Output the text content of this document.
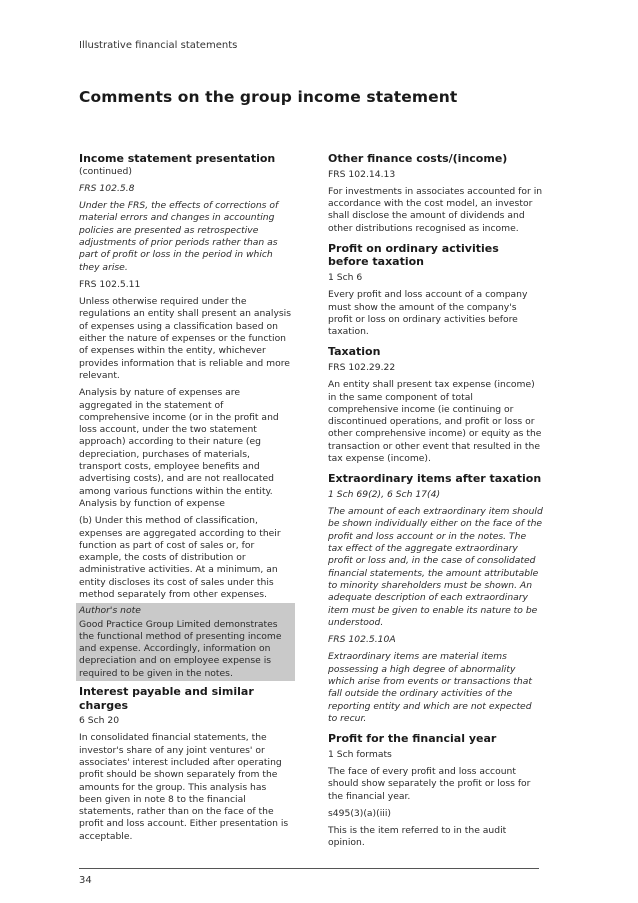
Illustrative financial statements
Comments on the group income statement
Income statement presentation

(continued)

FRS 102.5.8

Under the FRS, the effects of corrections of material errors and changes in accounting policies are presented as retrospective adjustments of prior periods rather than as part of profit or loss in the period in which they arise.

FRS 102.5.11

Unless otherwise required under the regulations an entity shall present an analysis of expenses using a classification based on either the nature of expenses or the function of expenses within the entity, whichever provides information that is reliable and more relevant.

Analysis by nature of expenses are aggregated in the statement of comprehensive income (or in the profit and loss account, under the two statement approach) according to their nature (eg depreciation, purchases of materials, transport costs, employee benefits and advertising costs), and are not reallocated among various functions within the entity. Analysis by function of expense

(b) Under this method of classification, expenses are aggregated according to their function as part of cost of sales or, for example, the costs of distribution or administrative activities. At a minimum, an entity discloses its cost of sales under this method separately from other expenses.

Author's note

Good Practice Group Limited demonstrates the functional method of presenting income and expense. Accordingly, information on depreciation and on employee expense is required to be given in the notes.

Interest payable and similar charges

6 Sch 20

In consolidated financial statements, the investor's share of any joint ventures' or associates' interest included after operating profit should be shown separately from the amounts for the group. This analysis has been given in note 8 to the financial statements, rather than on the face of the profit and loss account. Either presentation is acceptable.

Other finance costs/(income)

FRS 102.14.13

For investments in associates accounted for in accordance with the cost model, an investor shall disclose the amount of dividends and other distributions recognised as income.

Profit on ordinary activities before taxation

1 Sch 6

Every profit and loss account of a company must show the amount of the company's profit or loss on ordinary activities before taxation.

Taxation

FRS 102.29.22

An entity shall present tax expense (income) in the same component of total comprehensive income (ie continuing or discontinued operations, and profit or loss or other comprehensive income) or equity as the transaction or other event that resulted in the tax expense (income).

Extraordinary items after taxation

1 Sch 69(2), 6 Sch 17(4)

The amount of each extraordinary item should be shown individually either on the face of the profit and loss account or in the notes. The tax effect of the aggregate extraordinary profit or loss and, in the case of consolidated financial statements, the amount attributable to minority shareholders must be shown. An adequate description of each extraordinary item must be given to enable its nature to be understood.

FRS 102.5.10A

Extraordinary items are material items possessing a high degree of abnormality which arise from events or transactions that fall outside the ordinary activities of the reporting entity and which are not expected to recur.

Profit for the financial year

1 Sch formats

The face of every profit and loss account should show separately the profit or loss for the financial year.

s495(3)(a)(iii)

This is the item referred to in the audit opinion.

34
